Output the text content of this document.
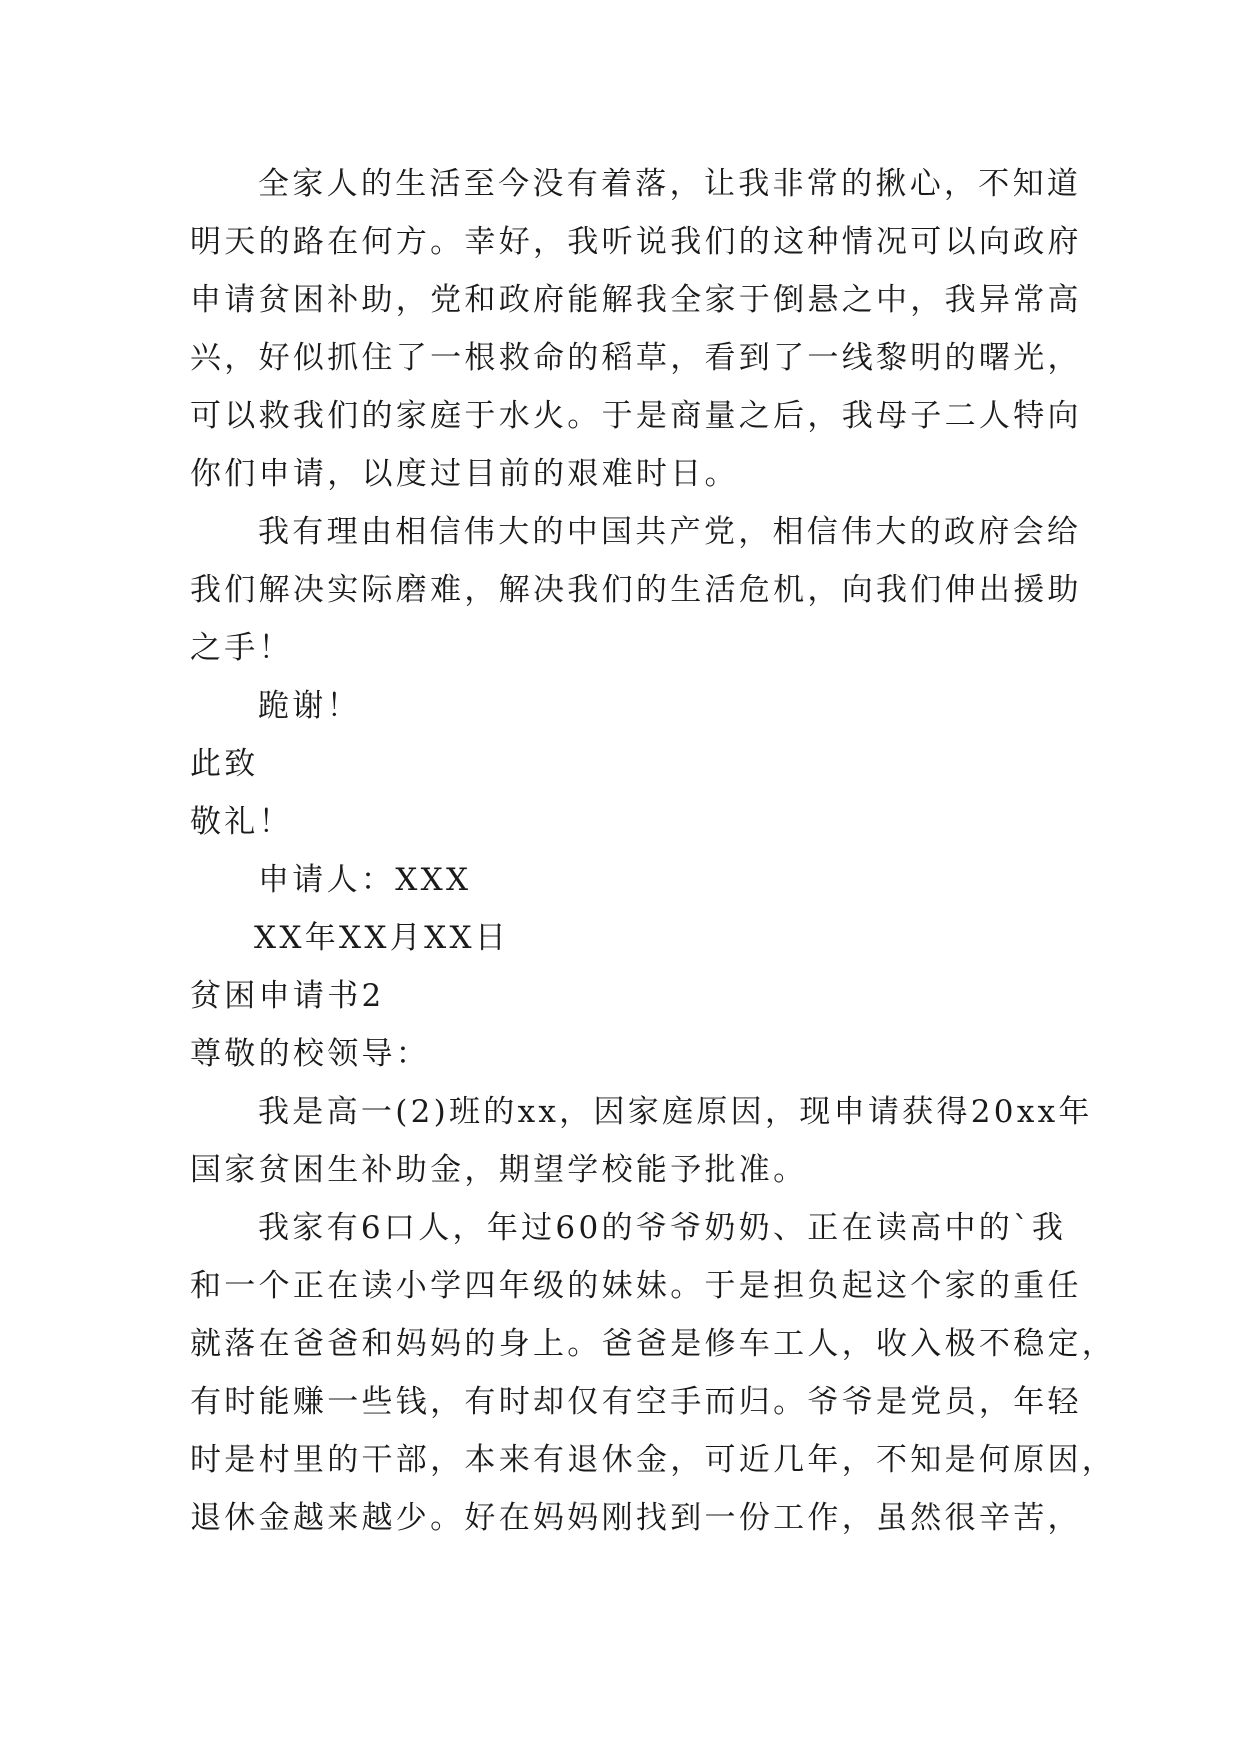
全家人的生活至今没有着落，让我非常的揪心，不知道
明天的路在何方。幸好，我听说我们的这种情况可以向政府
申请贫困补助，党和政府能解我全家于倒悬之中，我异常高
兴，好似抓住了一根救命的稻草，看到了一线黎明的曙光，
可以救我们的家庭于水火。于是商量之后，我母子二人特向
你们申请，以度过目前的艰难时日。
我有理由相信伟大的中国共产党，相信伟大的政府会给
我们解决实际磨难，解决我们的生活危机，向我们伸出援助
之手！
跪谢！
此致
敬礼！
申请人：XXX
XX年XX月XX日
贫困申请书2
尊敬的校领导：
我是高一(2)班的xx，因家庭原因，现申请获得20xx年
国家贫困生补助金，期望学校能予批准。
我家有6口人，年过60的爷爷奶奶、正在读高中的`我
和一个正在读小学四年级的妹妹。于是担负起这个家的重任
就落在爸爸和妈妈的身上。爸爸是修车工人，收入极不稳定，
有时能赚一些钱，有时却仅有空手而归。爷爷是党员，年轻
时是村里的干部，本来有退休金，可近几年，不知是何原因，
退休金越来越少。好在妈妈刚找到一份工作，虽然很辛苦，
